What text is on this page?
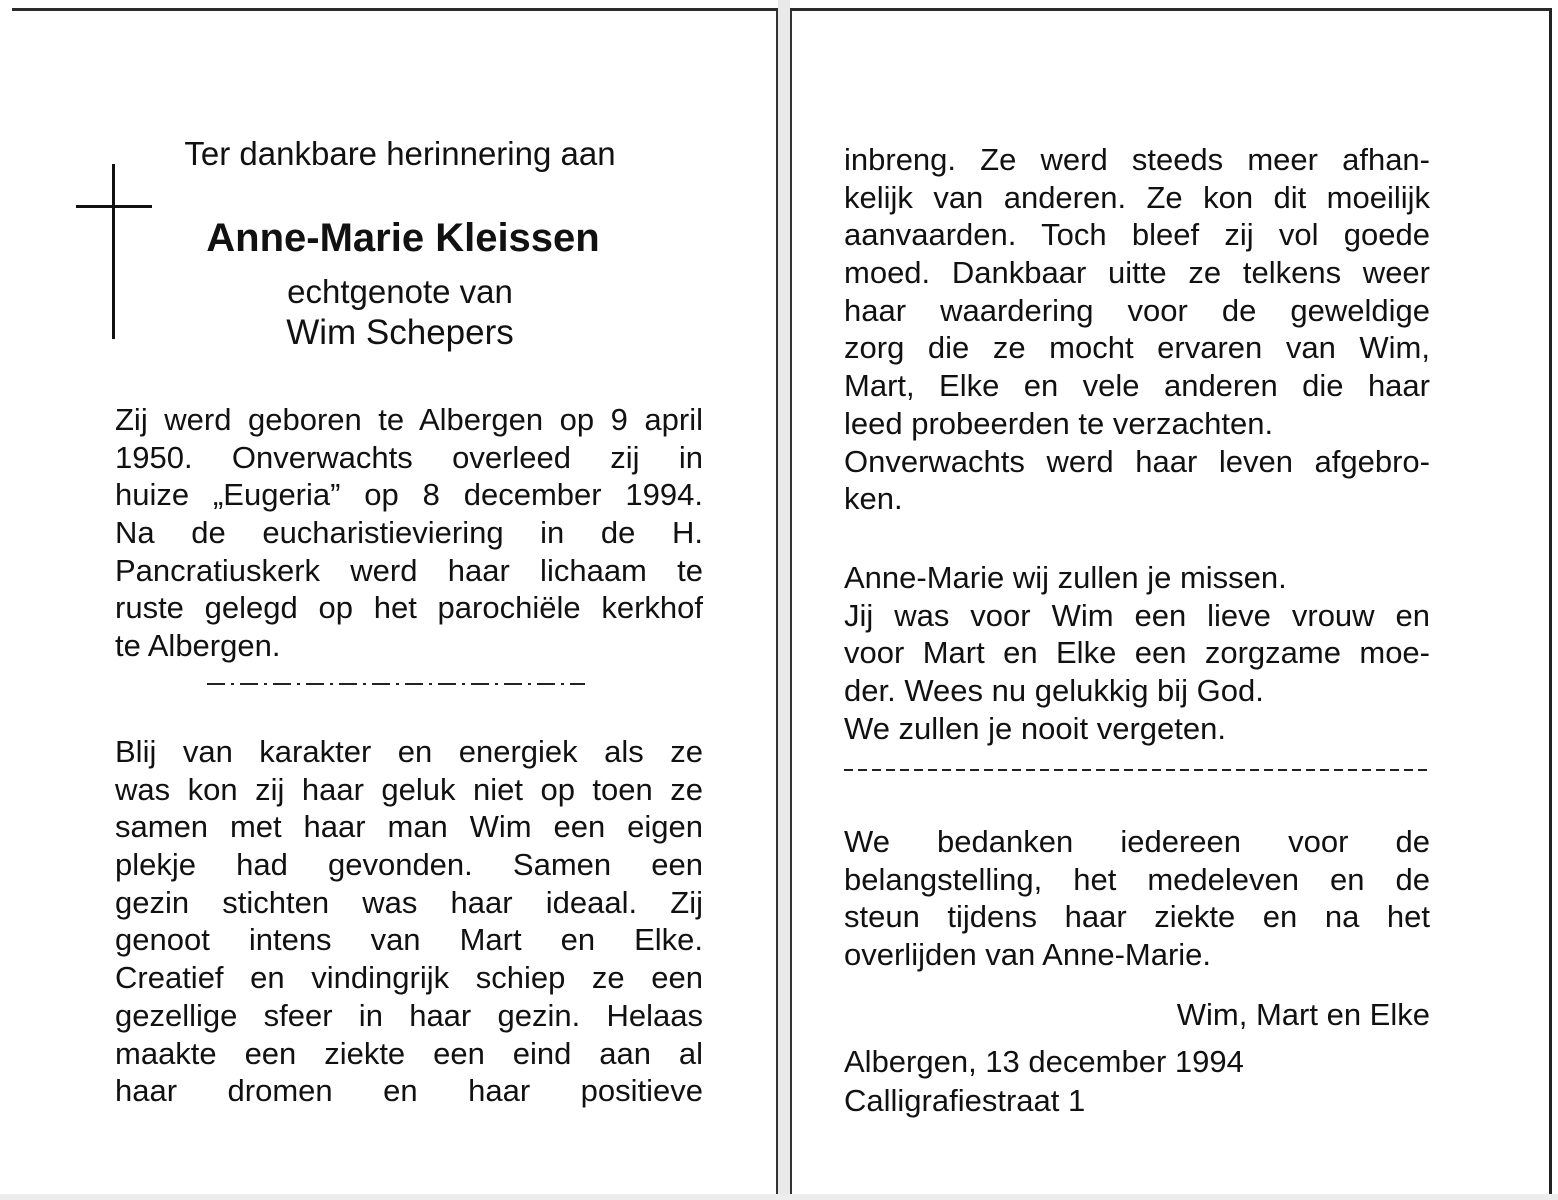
Ter dankbare herinnering aan
Anne-Marie Kleissen
echtgenote van
Wim Schepers
Zij werd geboren te Albergen op 9 april
1950. Onverwachts overleed zij in
huize „Eugeria” op 8 december 1994.
Na de eucharistieviering in de H.
Pancratiuskerk werd haar lichaam te
ruste gelegd op het parochiële kerkhof
te Albergen.
Blij van karakter en energiek als ze
was kon zij haar geluk niet op toen ze
samen met haar man Wim een eigen
plekje had gevonden. Samen een
gezin stichten was haar ideaal. Zij
genoot intens van Mart en Elke.
Creatief en vindingrijk schiep ze een
gezellige sfeer in haar gezin. Helaas
maakte een ziekte een eind aan al
haar dromen en haar positieve
inbreng. Ze werd steeds meer afhan-
kelijk van anderen. Ze kon dit moeilijk
aanvaarden. Toch bleef zij vol goede
moed. Dankbaar uitte ze telkens weer
haar waardering voor de geweldige
zorg die ze mocht ervaren van Wim,
Mart, Elke en vele anderen die haar
leed probeerden te verzachten.
Onverwachts werd haar leven afgebro-
ken.
Anne-Marie wij zullen je missen.
Jij was voor Wim een lieve vrouw en
voor Mart en Elke een zorgzame moe-
der. Wees nu gelukkig bij God.
We zullen je nooit vergeten.
We bedanken iedereen voor de
belangstelling, het medeleven en de
steun tijdens haar ziekte en na het
overlijden van Anne-Marie.
Wim, Mart en Elke
Albergen, 13 december 1994
Calligrafiestraat 1
